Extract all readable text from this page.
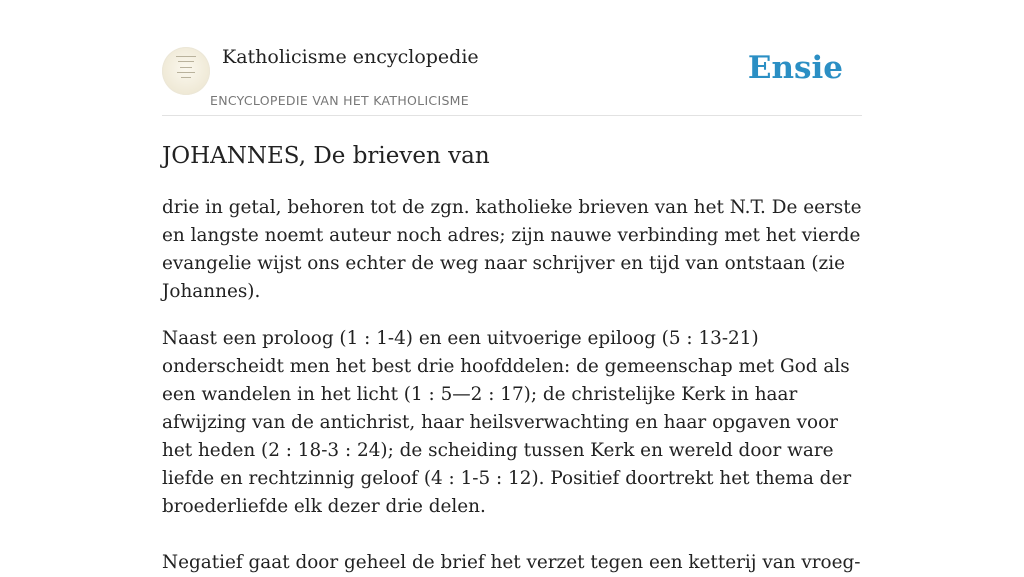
Katholicisme encyclopedie
ENCYCLOPEDIE VAN HET KATHOLICISME
Ensie
JOHANNES, De brieven van

drie in getal, behoren tot de zgn. katholieke brieven van het N.T. De eerste en langste noemt auteur noch adres; zijn nauwe verbinding met het vierde evangelie wijst ons echter de weg naar schrijver en tijd van ontstaan (zie Johannes).

Naast een proloog (1 : 1-4) en een uitvoerige epiloog (5 : 13-21) onderscheidt men het best drie hoofddelen: de gemeenschap met God als een wandelen in het licht (1 : 5—2 : 17); de christelijke Kerk in haar afwijzing van de antichrist, haar heilsverwachting en haar opgaven voor het heden (2 : 18-3 : 24); de scheiding tussen Kerk en wereld door ware liefde en rechtzinnig geloof (4 : 1-5 : 12). Positief doortrekt het thema der broederliefde elk dezer drie delen.

Negatief gaat door geheel de brief het verzet tegen een ketterij van vroeg-
